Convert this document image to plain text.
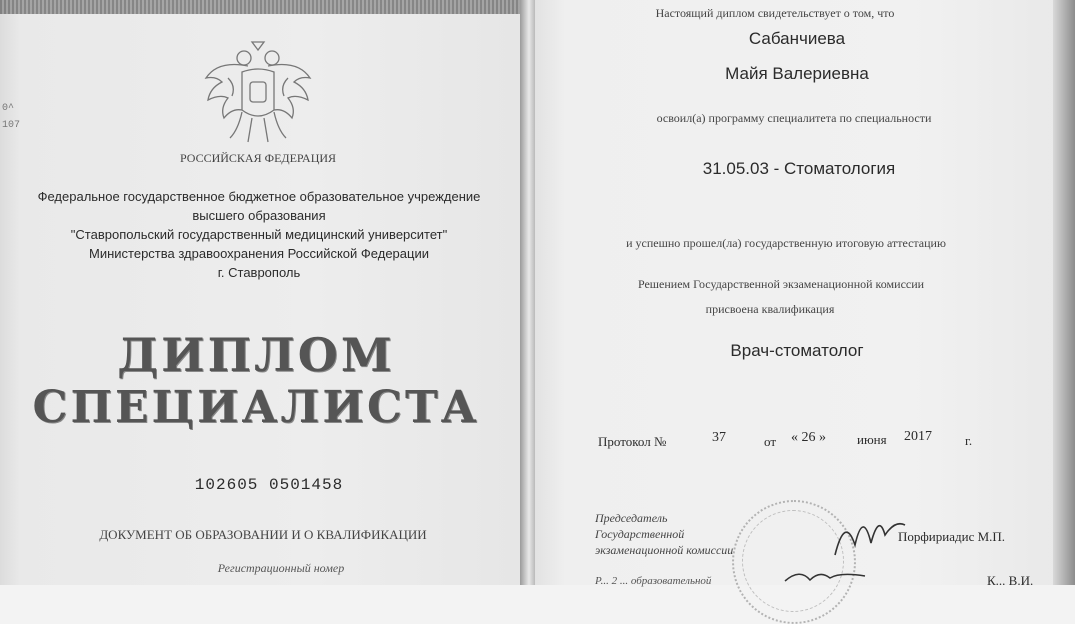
0^
107
РОССИЙСКАЯ ФЕДЕРАЦИЯ
Федеральное государственное бюджетное образовательное учреждение
высшего образования
"Ставропольский государственный медицинский университет"
Министерства здравоохранения Российской Федерации
г. Ставрополь
ДИПЛОМ
СПЕЦИАЛИСТА
102605 0501458
ДОКУМЕНТ ОБ ОБРАЗОВАНИИ И О КВАЛИФИКАЦИИ
Регистрационный номер
Настоящий диплом свидетельствует о том, что
Сабанчиева
Майя Валериевна
освоил(а) программу специалитета по специальности
31.05.03 - Стоматология
и успешно прошел(ла) государственную итоговую аттестацию
Решением Государственной экзаменационной комиссии
присвоена квалификация
Врач-стоматолог
Протокол №	37	от « 26 » июня 2017	г.
Председатель
Государственной
экзаменационной комиссии
Порфириадис М.П.
Р... 2 ... образовательной	К... В.И.
